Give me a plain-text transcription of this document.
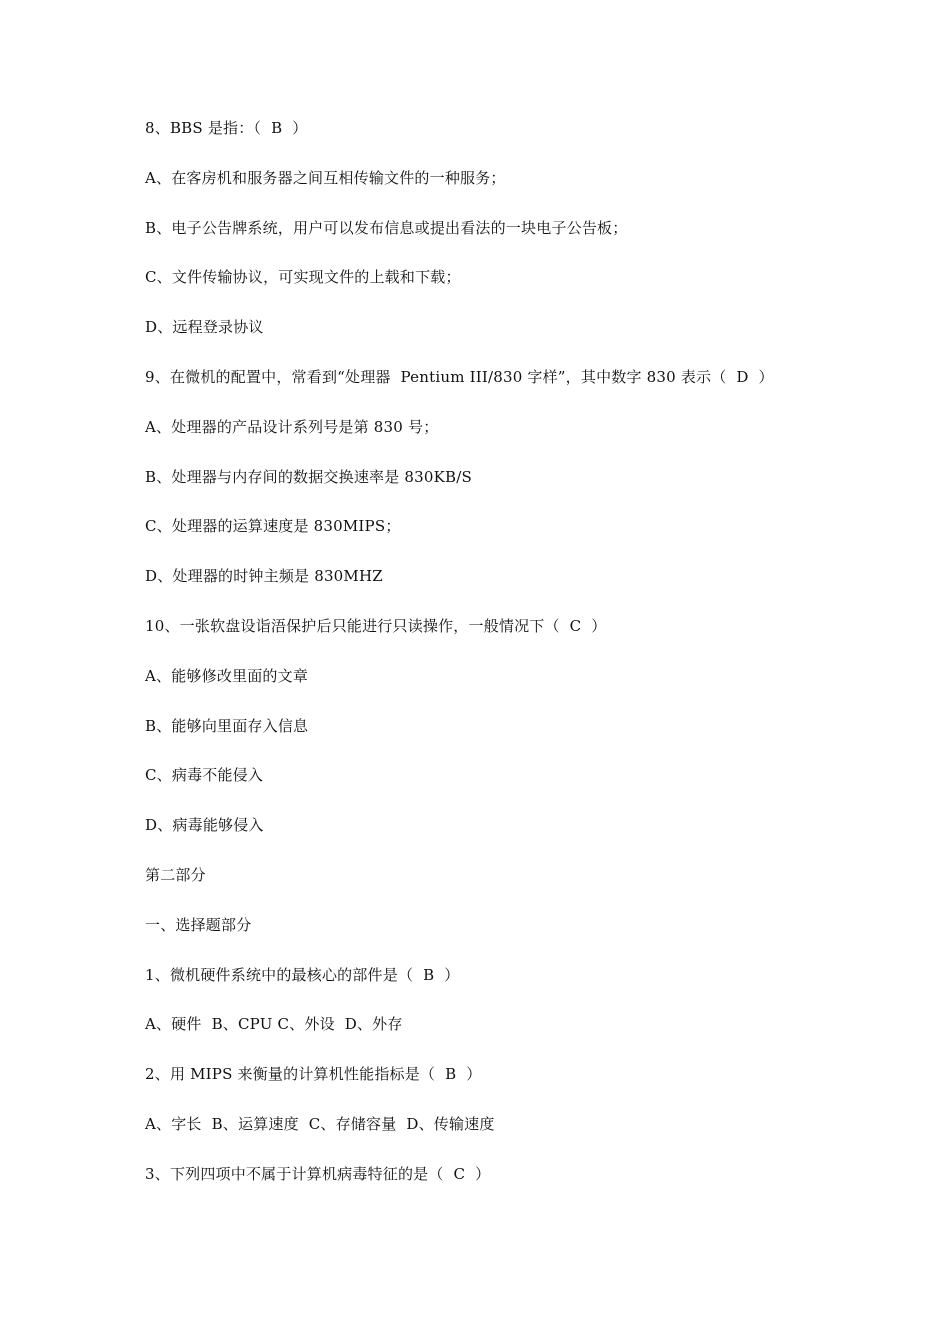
8、BBS 是指：（  B  ）
A、在客房机和服务器之间互相传输文件的一种服务；
B、电子公告牌系统，用户可以发布信息或提出看法的一块电子公告板；
C、文件传输协议，可实现文件的上载和下载；
D、远程登录协议
9、在微机的配置中，常看到“处理器  Pentium III/830 字样”，其中数字 830 表示（  D  ）
A、处理器的产品设计系列号是第 830 号；
B、处理器与内存间的数据交换速率是 830KB/S
C、处理器的运算速度是 830MIPS；
D、处理器的时钟主频是 830MHZ
10、一张软盘设诣浯保护后只能进行只读操作，一般情况下（  C  ）
A、能够修改里面的文章
B、能够向里面存入信息
C、病毒不能侵入
D、病毒能够侵入
第二部分
一、选择题部分
1、微机硬件系统中的最核心的部件是（  B  ）
A、硬件  B、CPU C、外设  D、外存
2、用 MIPS 来衡量的计算机性能指标是（  B  ）
A、字长  B、运算速度  C、存储容量  D、传输速度
3、下列四项中不属于计算机病毒特征的是（  C  ）
